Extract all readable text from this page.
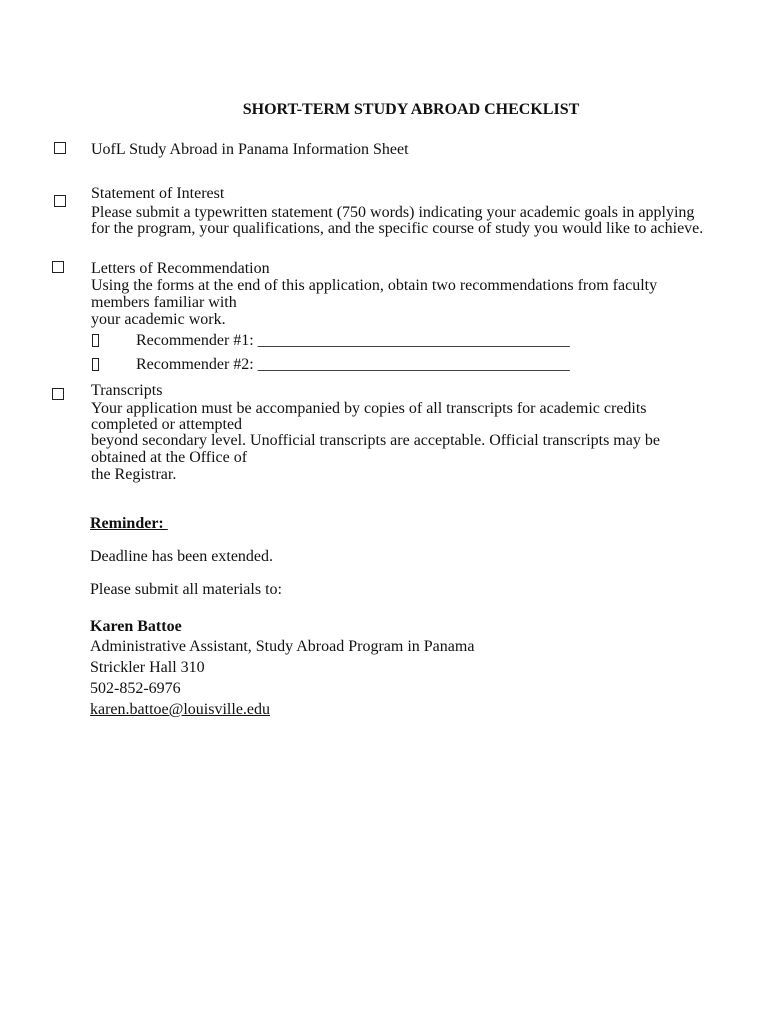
SHORT-TERM STUDY ABROAD CHECKLIST
UofL Study Abroad in Panama Information Sheet
Statement of Interest
Please submit a typewritten statement (750 words) indicating your academic goals in applying
for the program, your qualifications, and the specific course of study you would like to achieve.
Letters of Recommendation
Using the forms at the end of this application, obtain two recommendations from faculty
members familiar with
your academic work.
Recommender #1: _______________________________________
Recommender #2: _______________________________________
Transcripts
Your application must be accompanied by copies of all transcripts for academic credits
completed or attempted
beyond secondary level. Unofficial transcripts are acceptable. Official transcripts may be
obtained at the Office of
the Registrar.
Reminder:
Deadline has been extended.
Please submit all materials to:
Karen Battoe
Administrative Assistant, Study Abroad Program in Panama
Strickler Hall 310
502-852-6976
karen.battoe@louisville.edu
